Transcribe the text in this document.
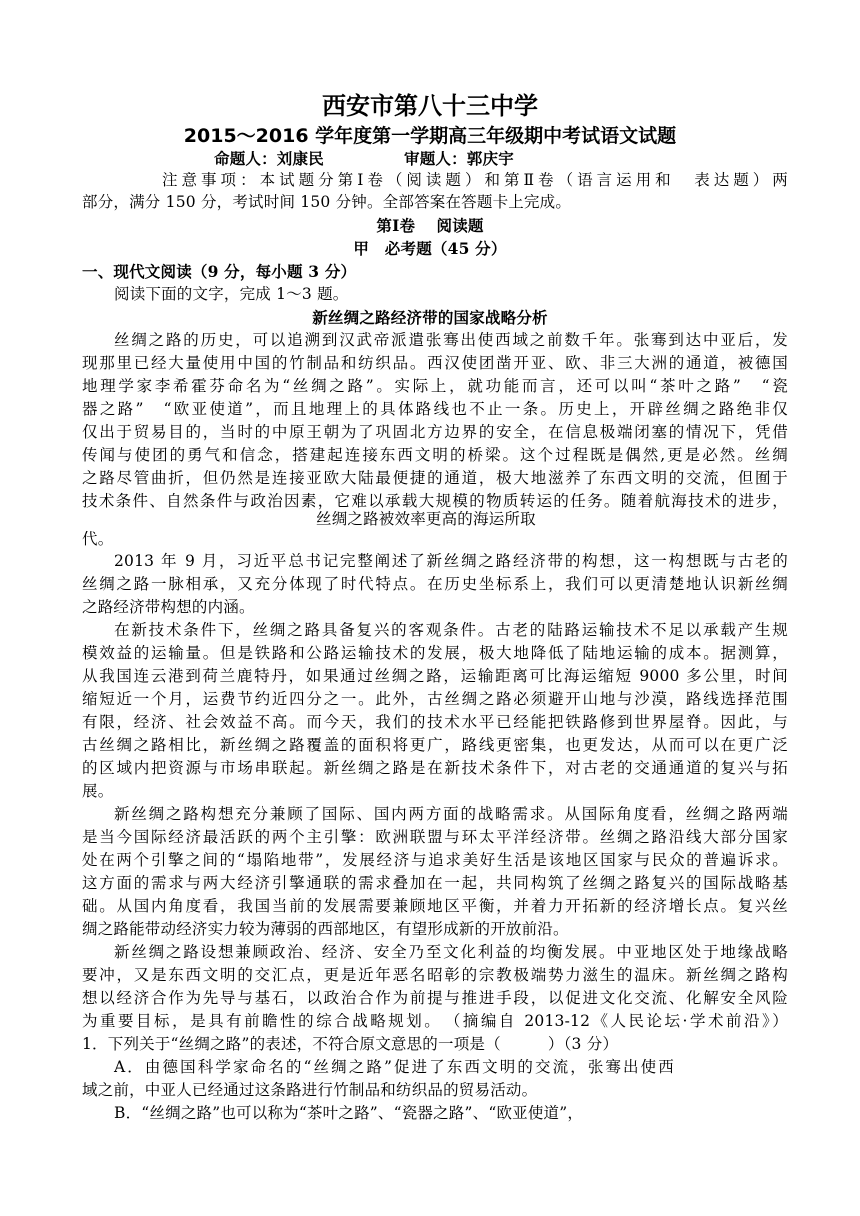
西安市第八十三中学
2015～2016 学年度第一学期高三年级期中考试语文试题
命题人：刘康民	审题人：郭庆宇
注意事项：本试题分第Ⅰ卷（阅读题）和第Ⅱ卷（语言运用和　表达题）两
部分，满分 150 分，考试时间 150 分钟。全部答案在答题卡上完成。
第Ⅰ卷　 阅读题
甲　必考题（45 分）
一、现代文阅读（9 分，每小题 3 分）
阅读下面的文字，完成 1～3 题。
新丝绸之路经济带的国家战略分析
丝绸之路的历史，可以追溯到汉武帝派遣张骞出使西域之前数千年。张骞到达中亚后，发
现那里已经大量使用中国的竹制品和纺织品。西汉使团凿开亚、欧、非三大洲的通道，被德国
地理学家李希霍芬命名为“丝绸之路”。实际上，就功能而言，还可以叫“茶叶之路”　“瓷
器之路”　“欧亚使道”，而且地理上的具体路线也不止一条。历史上，开辟丝绸之路绝非仅
仅出于贸易目的，当时的中原王朝为了巩固北方边界的安全，在信息极端闭塞的情况下，凭借
传闻与使团的勇气和信念，搭建起连接东西文明的桥梁。这个过程既是偶然,更是必然。丝绸
之路尽管曲折，但仍然是连接亚欧大陆最便捷的通道，极大地滋养了东西文明的交流，但囿于
技术条件、自然条件与政治因素，它难以承载大规模的物质转运的任务。随着航海技术的进步，
丝绸之路被效率更高的海运所取
代。
2013 年 9 月，习近平总书记完整阐述了新丝绸之路经济带的构想，这一构想既与古老的
丝绸之路一脉相承，又充分体现了时代特点。在历史坐标系上，我们可以更清楚地认识新丝绸
之路经济带构想的内涵。
在新技术条件下，丝绸之路具备复兴的客观条件。古老的陆路运输技术不足以承载产生规
模效益的运输量。但是铁路和公路运输技术的发展，极大地降低了陆地运输的成本。据测算，
从我国连云港到荷兰鹿特丹，如果通过丝绸之路，运输距离可比海运缩短 9000 多公里，时间
缩短近一个月，运费节约近四分之一。此外，古丝绸之路必须避开山地与沙漠，路线选择范围
有限，经济、社会效益不高。而今天，我们的技术水平已经能把铁路修到世界屋脊。因此，与
古丝绸之路相比，新丝绸之路覆盖的面积将更广，路线更密集，也更发达，从而可以在更广泛
的区域内把资源与市场串联起。新丝绸之路是在新技术条件下，对古老的交通通道的复兴与拓
展。
新丝绸之路构想充分兼顾了国际、国内两方面的战略需求。从国际角度看，丝绸之路两端
是当今国际经济最活跃的两个主引擎：欧洲联盟与环太平洋经济带。丝绸之路沿线大部分国家
处在两个引擎之间的“塌陷地带”，发展经济与追求美好生活是该地区国家与民众的普遍诉求。
这方面的需求与两大经济引擎通联的需求叠加在一起，共同构筑了丝绸之路复兴的国际战略基
础。从国内角度看，我国当前的发展需要兼顾地区平衡，并着力开拓新的经济增长点。复兴丝
绸之路能带动经济实力较为薄弱的西部地区，有望形成新的开放前沿。
新丝绸之路设想兼顾政治、经济、安全乃至文化利益的均衡发展。中亚地区处于地缘战略
要冲，又是东西文明的交汇点，更是近年恶名昭彰的宗教极端势力滋生的温床。新丝绸之路构
想以经济合作为先导与基石，以政治合作为前提与推进手段，以促进文化交流、化解安全风险
为重要目标，是具有前瞻性的综合战略规划。　（摘编自 2013-12《人民论坛·学术前沿》）
1．下列关于“丝绸之路”的表述，不符合原文意思的一项是（　　　）（3 分）
A．由德国科学家命名的“丝绸之路”促进了东西文明的交流，张骞出使西
域之前，中亚人已经通过这条路进行竹制品和纺织品的贸易活动。
B．“丝绸之路”也可以称为“茶叶之路”、“瓷器之路”、“欧亚使道”，
